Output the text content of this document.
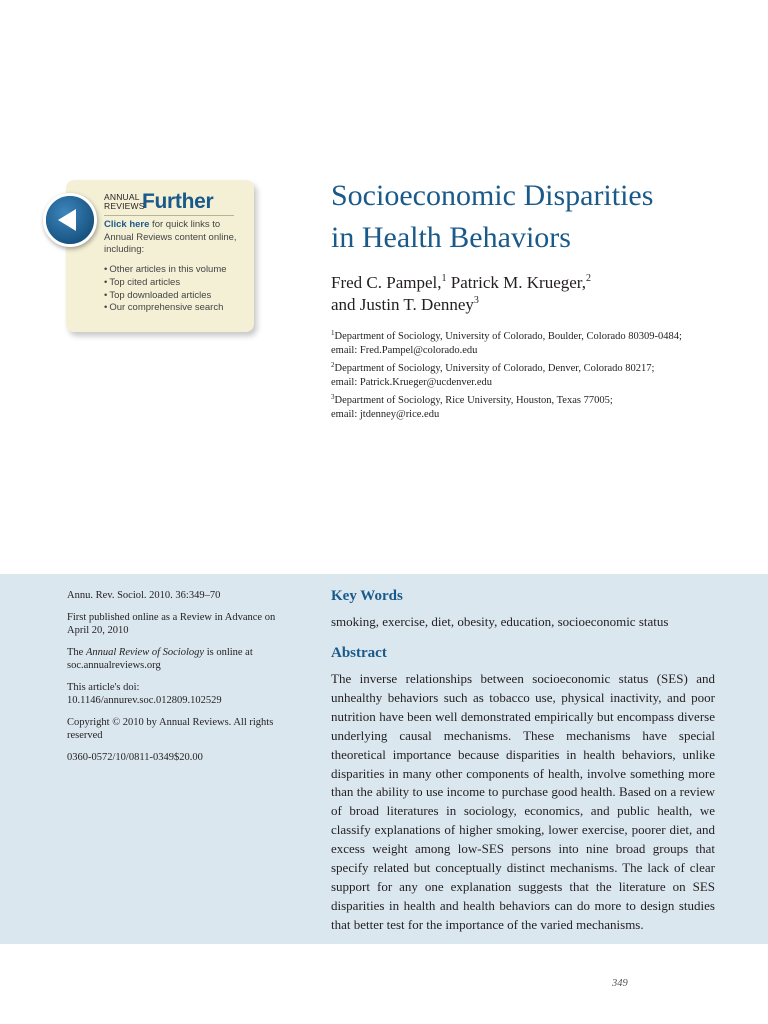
ANNUAL
REVIEWS
Further
Click here for quick links to Annual Reviews content online, including:
• Other articles in this volume
• Top cited articles
• Top downloaded articles
• Our comprehensive search
Socioeconomic Disparities
in Health Behaviors
Fred C. Pampel,$^1$ Patrick M. Krueger,$^2$
and Justin T. Denney$^3$
$^1$Department of Sociology, University of Colorado, Boulder, Colorado 80309-0484;
email: Fred.Pampel@colorado.edu
$^2$Department of Sociology, University of Colorado, Denver, Colorado 80217;
email: Patrick.Krueger@ucdenver.edu
$^3$Department of Sociology, Rice University, Houston, Texas 77005;
email: jtdenney@rice.edu

Annu. Rev. Sociol. 2010. 36:349–70

First published online as a Review in Advance on April 20, 2010

The Annual Review of Sociology is online at soc.annualreviews.org

This article's doi: 10.1146/annurev.soc.012809.102529

Copyright © 2010 by Annual Reviews. All rights reserved

0360-0572/10/0811-0349$20.00

Key Words
smoking, exercise, diet, obesity, education, socioeconomic status
Abstract

The inverse relationships between socioeconomic status (SES) and unhealthy behaviors such as tobacco use, physical inactivity, and poor nutrition have been well demonstrated empirically but encompass diverse underlying causal mechanisms. These mechanisms have special theoretical importance because disparities in health behaviors, unlike disparities in many other components of health, involve something more than the ability to use income to purchase good health. Based on a review of broad literatures in sociology, economics, and public health, we classify explanations of higher smoking, lower exercise, poorer diet, and excess weight among low-SES persons into nine broad groups that specify related but conceptually distinct mechanisms. The lack of clear support for any one explanation suggests that the literature on SES disparities in health and health behaviors can do more to design studies that better test for the importance of the varied mechanisms.

349
